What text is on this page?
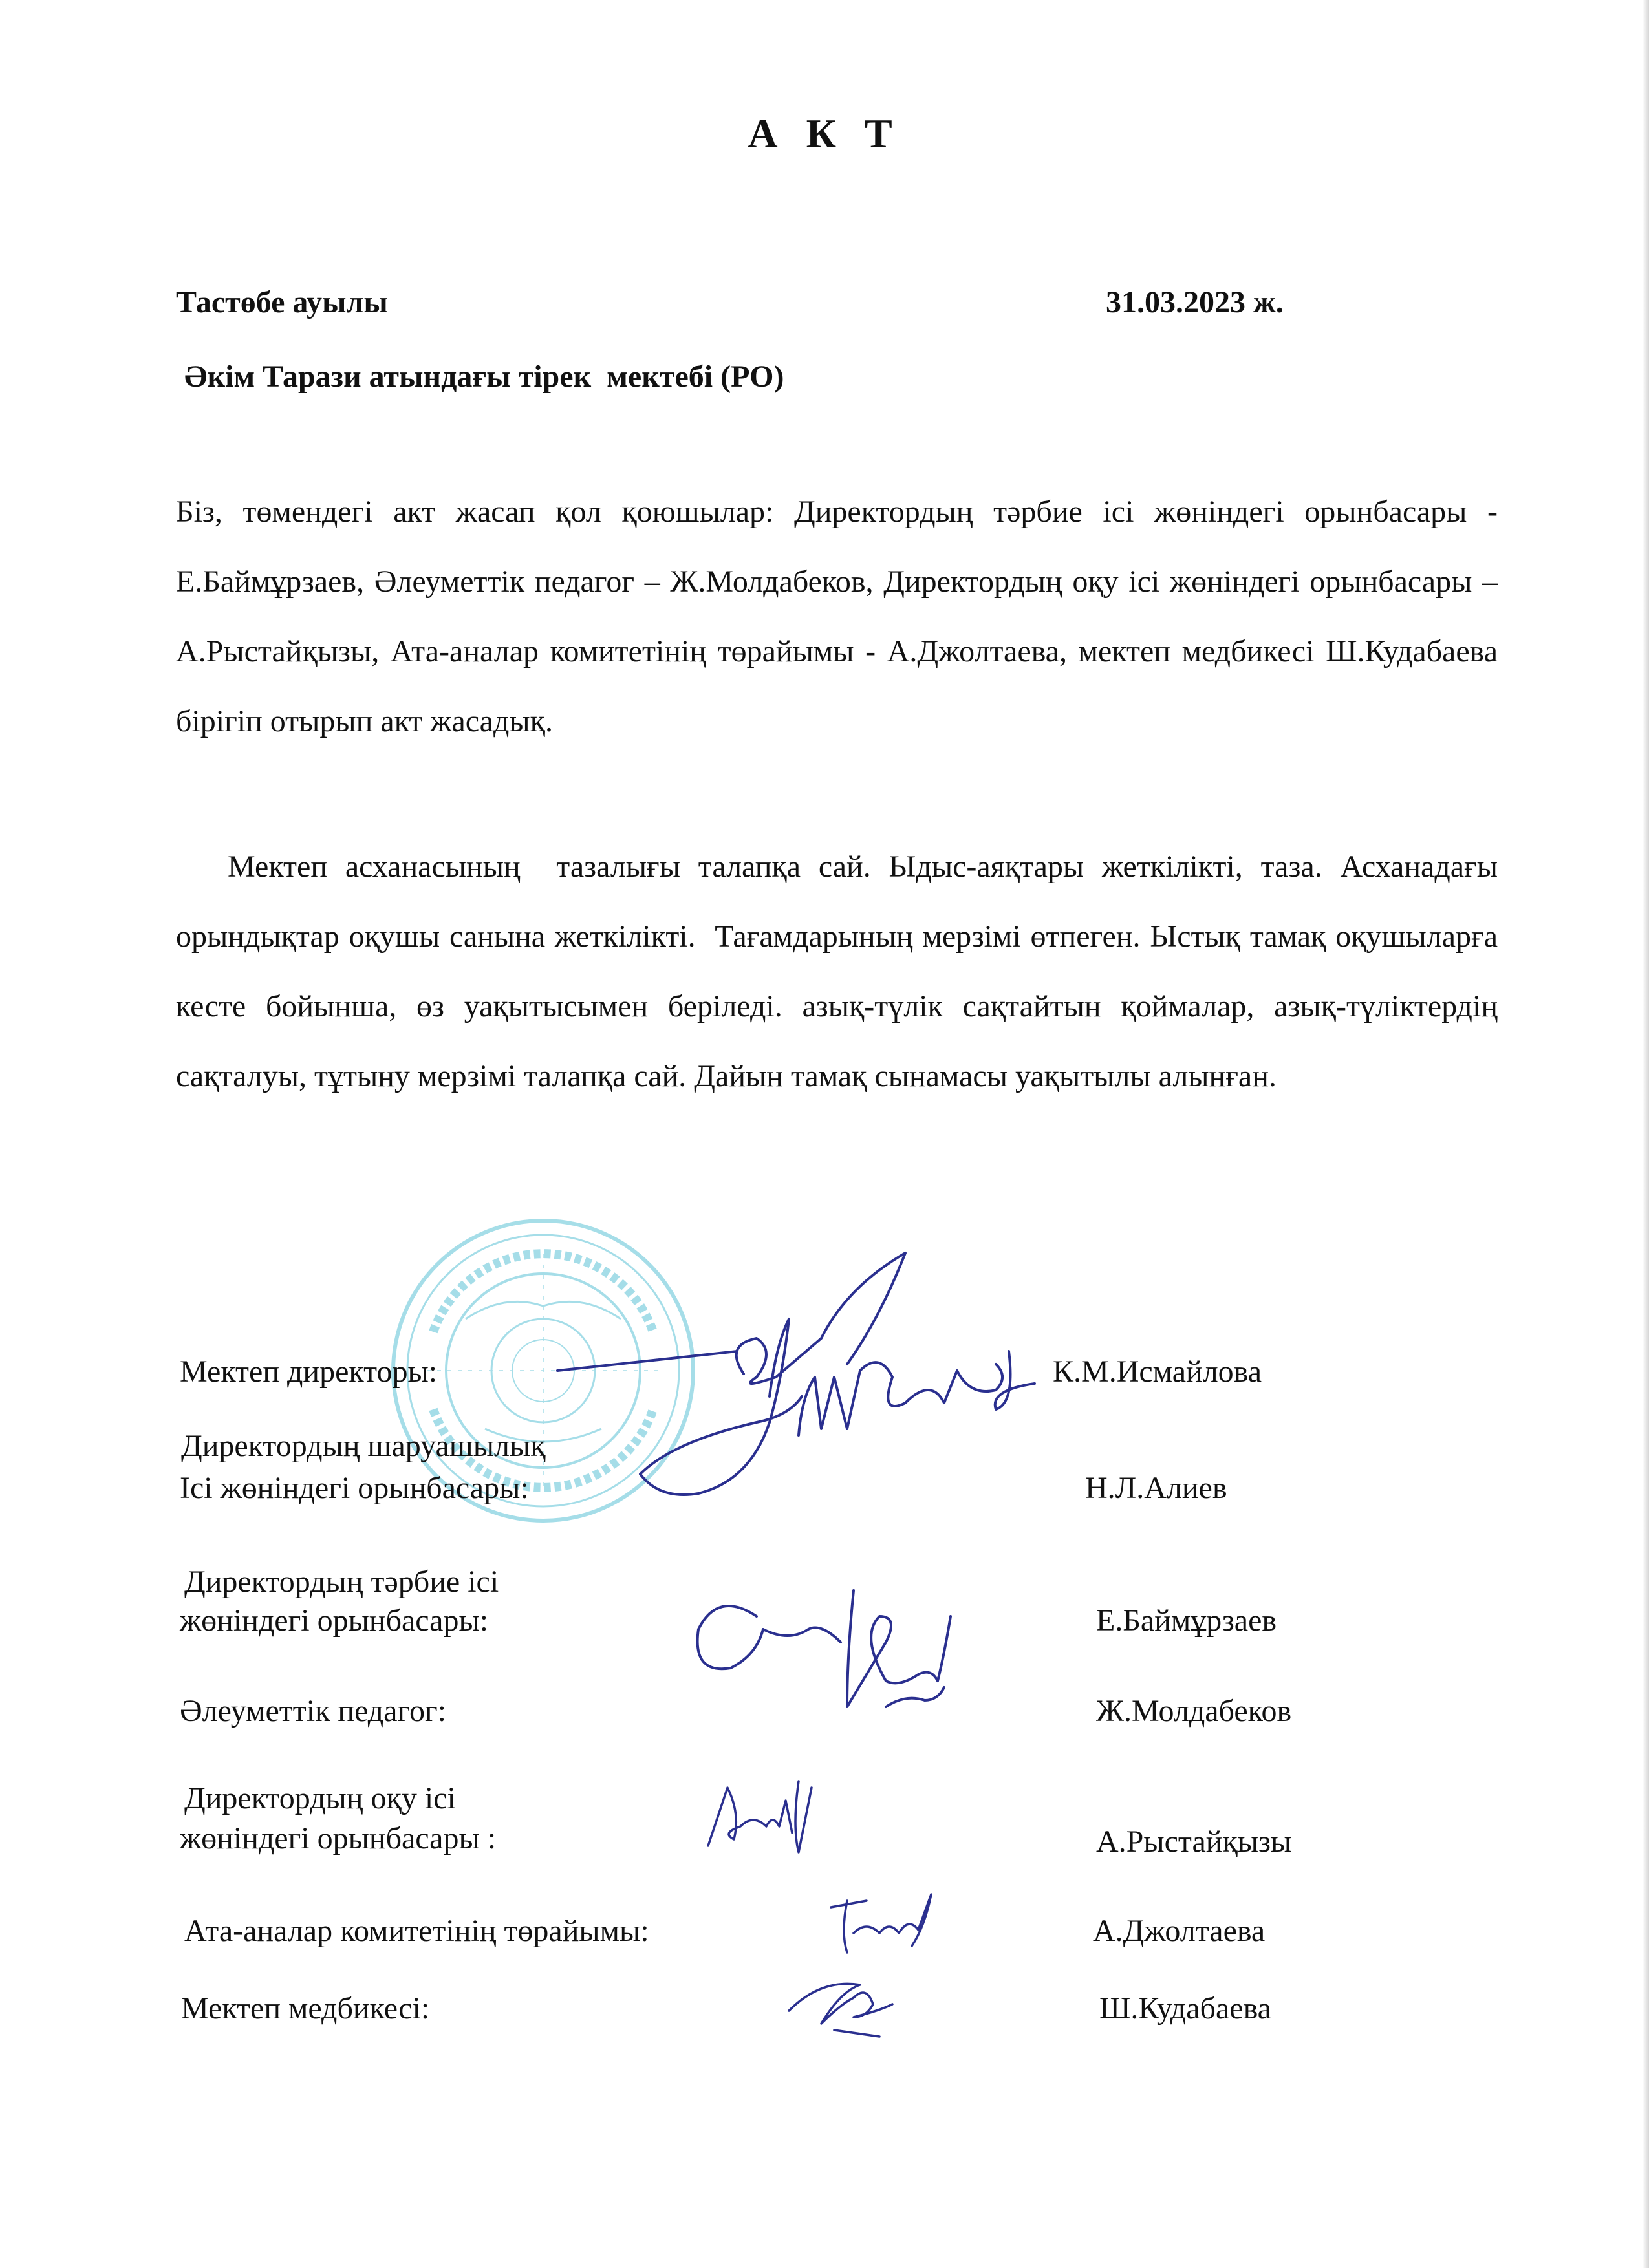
А К Т
Тастөбе ауылы	31.03.2023 ж.
Әкім Тарази атындағы тірек  мектебі (РО)
Біз, төмендегі акт жасап қол қоюшылар: Директордың тәрбие ісі жөніндегі орынбасары - Е.Баймұрзаев, Әлеуметтік педагог – Ж.Молдабеков, Директордың оқу ісі жөніндегі орынбасары – А.Рыстайқызы, Ата-аналар комитетінің төрайымы - А.Джолтаева, мектеп медбикесі Ш.Кудабаева бірігіп отырып акт жасадық.
Мектеп асханасының  тазалығы талапқа сай. Ыдыс-аяқтары жеткілікті, таза. Асханадағы орындықтар оқушы санына жеткілікті.  Тағамдарының мерзімі өтпеген. Ыстық тамақ оқушыларға кесте бойынша, өз уақытысымен беріледі. азық-түлік сақтайтын қоймалар, азық-түліктердің сақталуы, тұтыну мерзімі талапқа сай. Дайын тамақ сынамасы уақытылы алынған.
Мектеп директоры:	К.М.Исмайлова
Директордың шаруашылық
Ісі жөніндегі орынбасары:	Н.Л.Алиев
Директордың тәрбие ісі
жөніндегі орынбасары:	Е.Баймұрзаев
Әлеуметтік педагог:	Ж.Молдабеков
Директордың оқу ісі
жөніндегі орынбасары :	А.Рыстайқызы
Ата-аналар комитетінің төрайымы:	А.Джолтаева
Мектеп медбикесі:	Ш.Кудабаева
